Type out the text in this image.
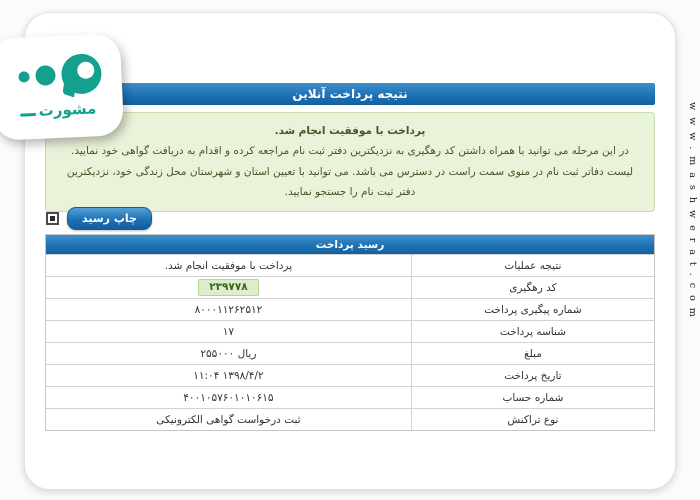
نتیجه پرداخت آنلاین
پرداخت با موفقیت انجام شد.
در این مرحله می توانید با همراه داشتن کد رهگیری به نزدیکترین دفتر ثبت نام مراجعه کرده و اقدام به دریافت گواهی خود نمایید.
لیست دفاتر ثبت نام در منوی سمت راست در دسترس می باشد. می توانید با تعیین استان و شهرستان محل زندگی خود، نزدیکترین دفتر ثبت نام را جستجو نمایید.
چاپ رسید
رسید پرداخت
نتیجه عملیات
پرداخت با موفقیت انجام شد.
کد رهگیری
۲۳۹۷۷۸
شماره پیگیری پرداخت
۸۰۰۰۱۱۲۶۲۵۱۲
شناسه پرداخت
۱۷
مبلغ
۲۵۵۰۰۰ ریال
تاریخ پرداخت
۱۱:۰۴ ۱۳۹۸/۴/۲
شماره حساب
۴۰۰۱۰۵۷۶۰۱۰۱۰۶۱۵
نوع تراکنش
ثبت درخواست گواهی الکترونیکی
مشورت	www.mashwerat.com
